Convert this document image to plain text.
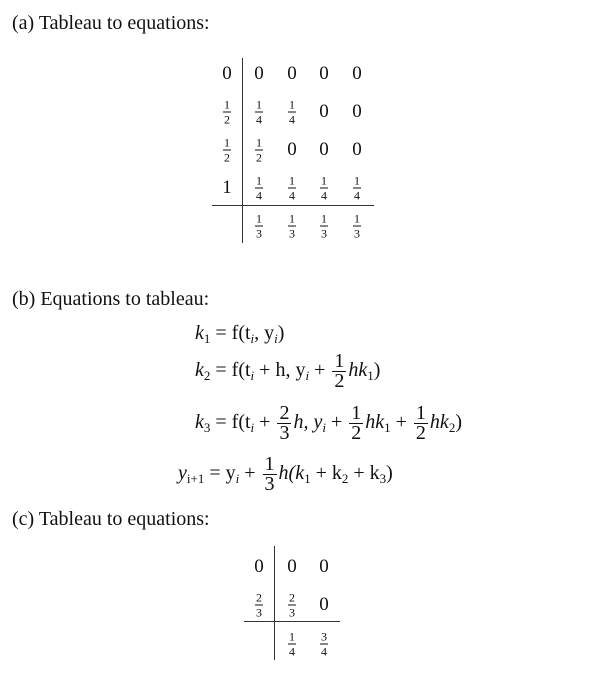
(a) Tableau to equations:
(b) Equations to tableau:
(c) Tableau to equations:
0
$\frac{1}{2}$
$\frac{1}{2}$
1
0 0 0 0
$\frac{1}{4} \frac{1}{4} 0$ 0
$\frac{1}{2} 0$ 0 0
$\frac{1}{4} \frac{1}{4} \frac{1}{4} \frac{1}{4}$
$\frac{1}{3} \frac{1}{3} \frac{1}{3} \frac{1}{3}$
$k_1 = f(t_i$, $y_i$)
$k_2 = f(t_i + h$, $y_i + \frac{1}{2} hk_1$)
$k_3 = f(t_i + \frac{2}{3} h$, $y_i + \frac{1}{2} hk_1 + \frac{1}{2} hk_2$)
$y_{i+1} = y_i + \frac{1}{3} h(k_1 + k_2 + k_3)$
0
$\frac{2}{3}$
0 0
$\frac{2}{3} 0$
$\frac{1}{4} \frac{3}{4}$
